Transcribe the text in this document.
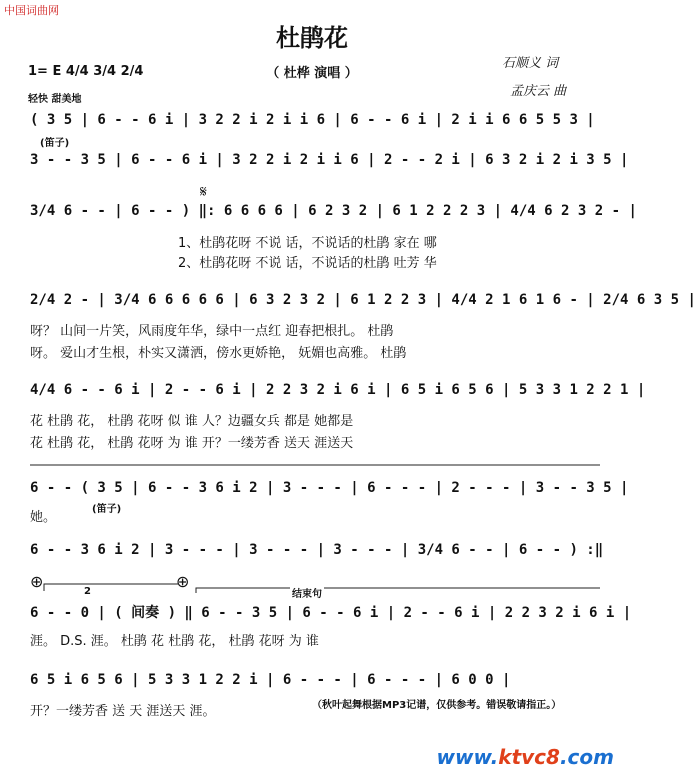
中国词曲网
杜鹃花
（ 杜桦 演唱 ）
石顺义 词
孟庆云 曲
1= E 4/4 3/4 2/4
轻快 甜美地
( 3 5 | 6 - - 6 i | 3 2 2 i 2 i i 6 | 6 - - 6 i | 2 i i 6 6 5 5 3 |
(笛子)
3 - - 3 5 | 6 - - 6 i | 3 2 2 i 2 i i 6 | 2 - - 2 i | 6 3 2 i 2 i 3 5 |
𝄋
3/4 6 - - | 6 - - ) ‖: 6 6 6 6 | 6 2 3 2 | 6 1 2 2 2 3 | 4/4 6 2 3 2 - |
1、杜鹃花呀 不说 话，不说话的杜鹃 家在 哪
2、杜鹃花呀 不说 话，不说话的杜鹃 吐芳 华
2/4 2 - | 3/4 6 6 6 6 6 | 6 3 2 3 2 | 6 1 2 2 3 | 4/4 2 1 6 1 6 - | 2/4 6 3 5 |
呀？ 山间一片笑，风雨度年华，绿中一点红 迎春把根扎。 杜鹃
呀。 爱山才生根，朴实又潇洒，傍水更娇艳， 妩媚也高雅。 杜鹃
4/4 6 - - 6 i | 2 - - 6 i | 2 2 3 2 i 6 i | 6 5 i 6 5 6 | 5 3 3 1 2 2 1 |
花 杜鹃 花， 杜鹃 花呀 似 谁 人？边疆女兵 都是 她都是
花 杜鹃 花， 杜鹃 花呀 为 谁 开？一缕芳香 送天 涯送天
6 - - ( 3 5 | 6 - - 3 6 i 2 | 3 - - - | 6 - - - | 2 - - - | 3 - - 3 5 |
(笛子)
她。
6 - - 3 6 i 2 | 3 - - - | 3 - - - | 3 - - - | 3/4 6 - - | 6 - - ) :‖
⊕	⊕
2	结束句
6 - - 0 | ( 间奏 ) ‖ 6 - - 3 5 | 6 - - 6 i | 2 - - 6 i | 2 2 3 2 i 6 i |
涯。 D.S. 涯。 杜鹃 花 杜鹃 花， 杜鹃 花呀 为 谁
6 5 i 6 5 6 | 5 3 3 1 2 2 i | 6 - - - | 6 - - - | 6 0 0 |
开？一缕芳香 送 天 涯送天 涯。	（秋叶起舞根据MP3记谱，仅供参考。错误敬请指正。）
www.ktvc8.com
